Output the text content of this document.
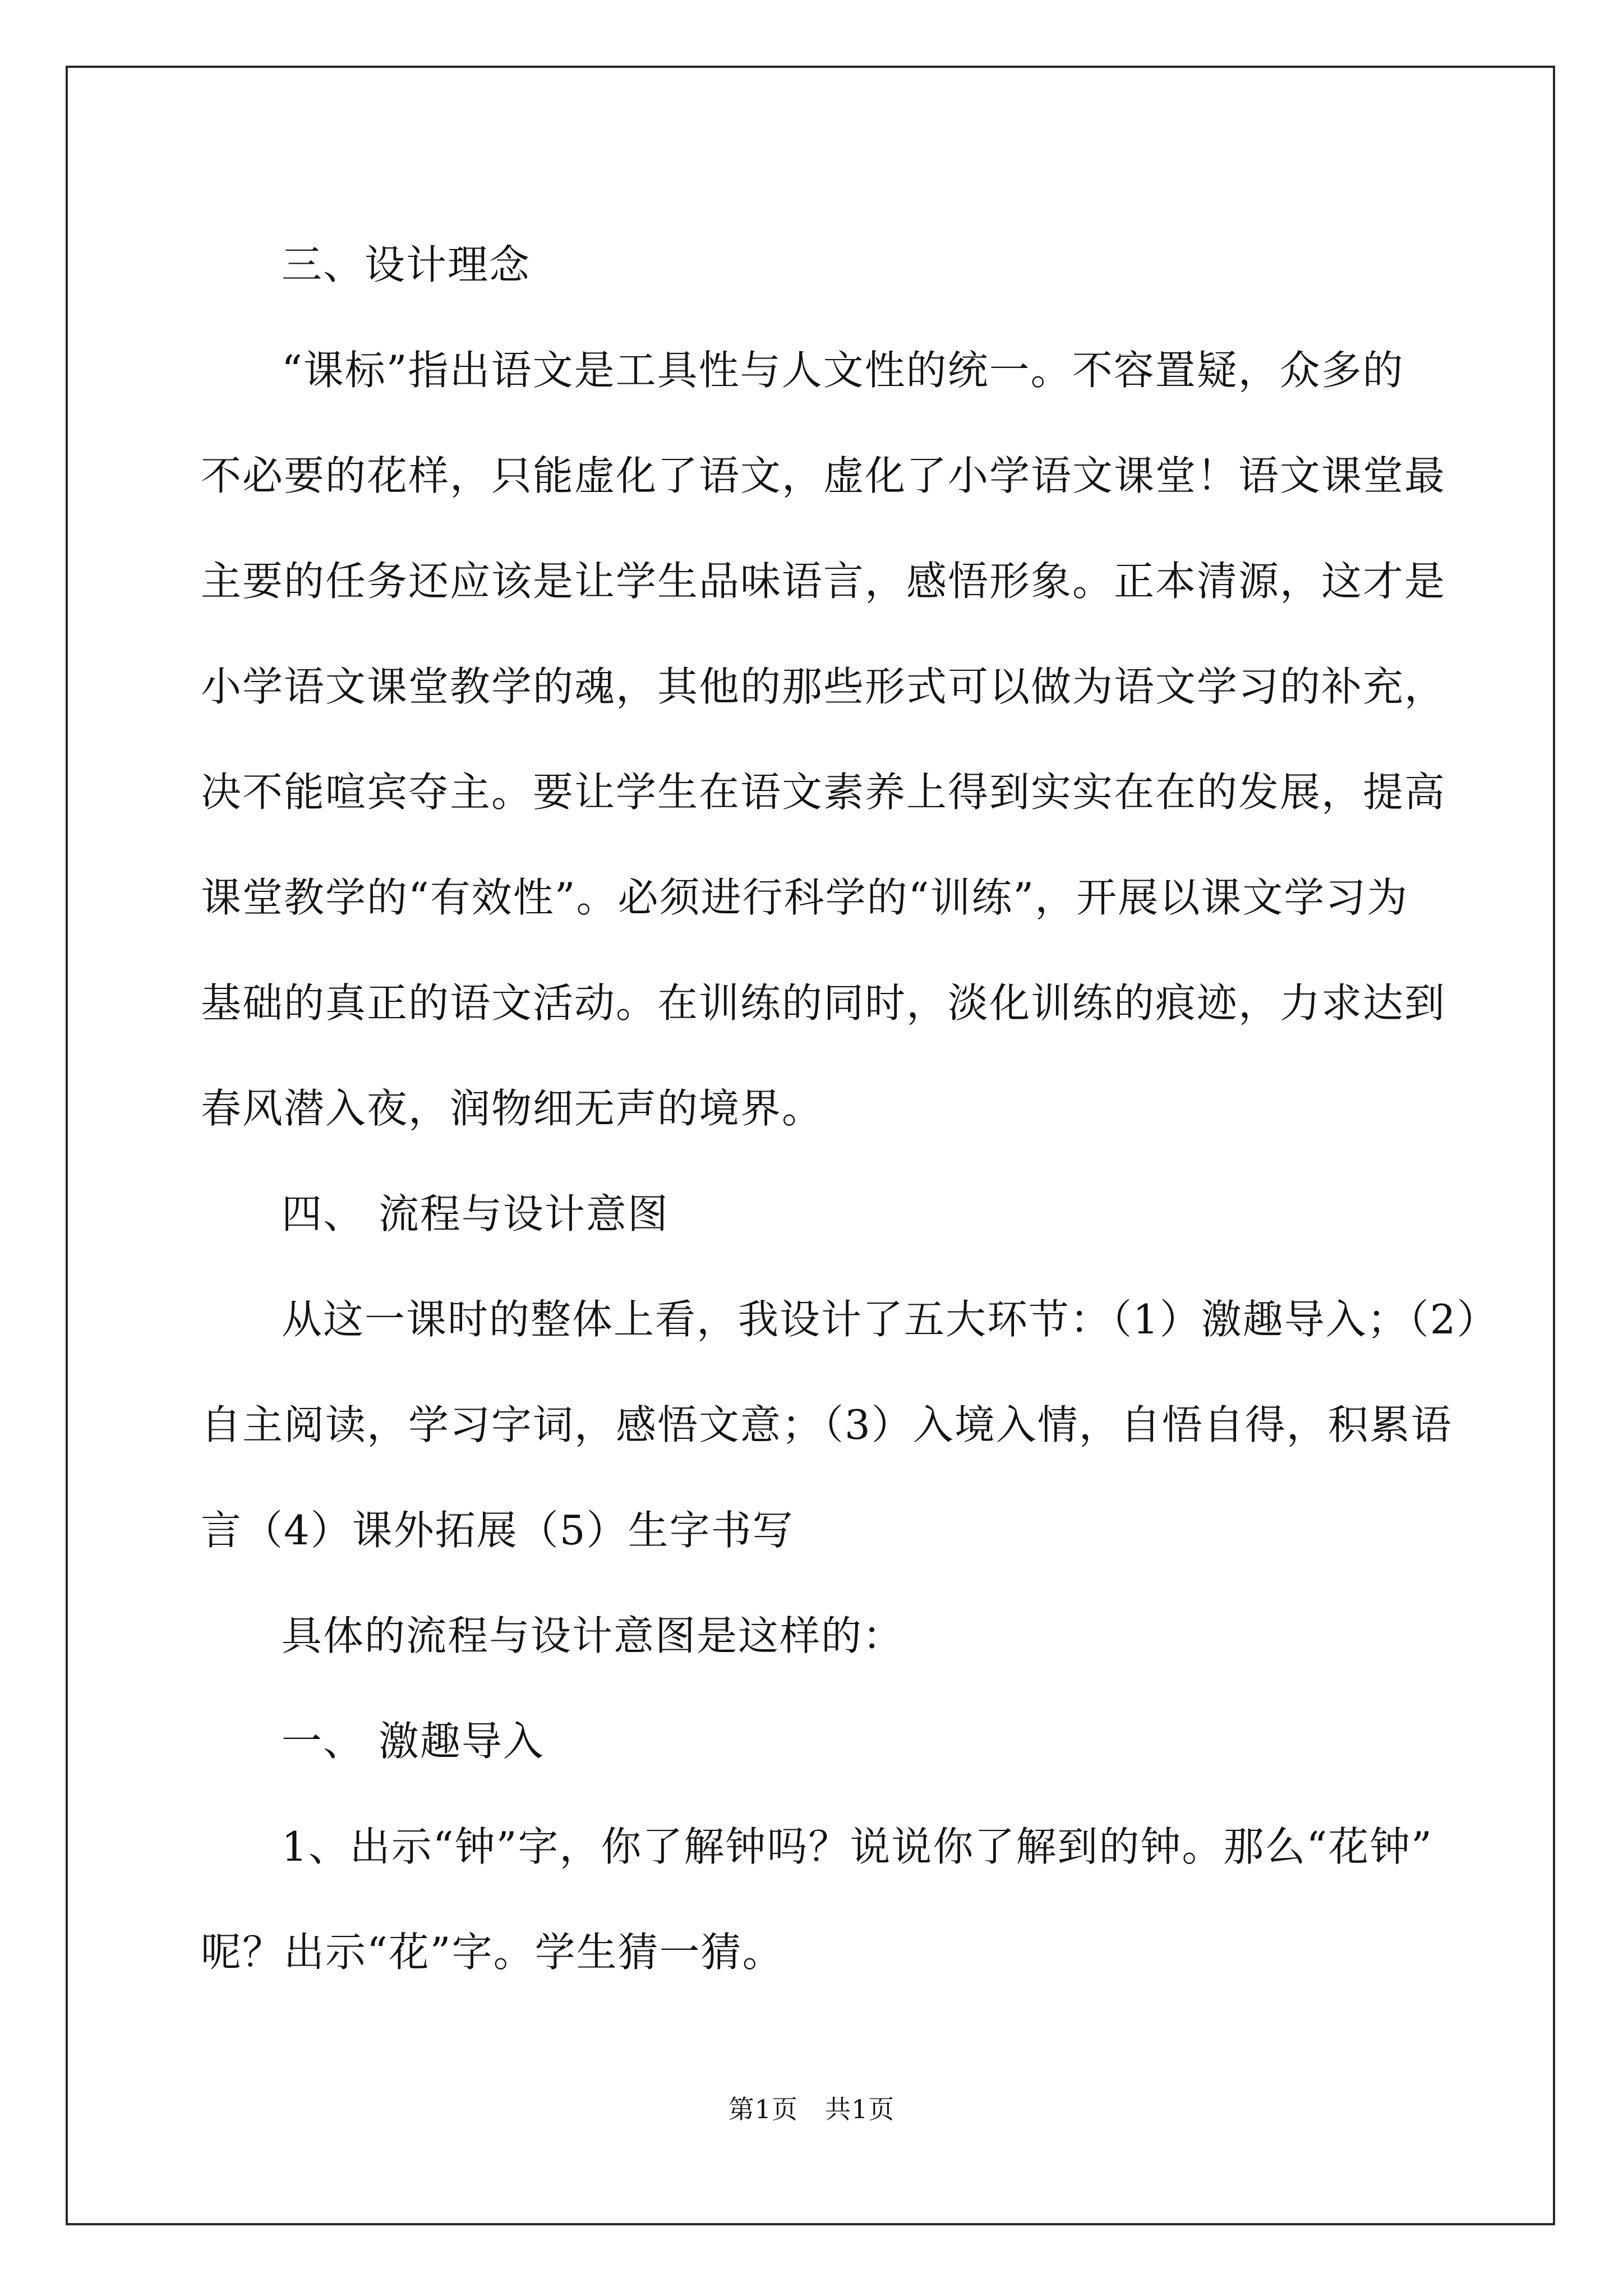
三、设计理念

“课标”指出语文是工具性与人文性的统一。不容置疑，众多的

不必要的花样，只能虚化了语文，虚化了小学语文课堂！语文课堂最

主要的任务还应该是让学生品味语言，感悟形象。正本清源，这才是

小学语文课堂教学的魂，其他的那些形式可以做为语文学习的补充，

决不能喧宾夺主。要让学生在语文素养上得到实实在在的发展，提高

课堂教学的“有效性”。必须进行科学的“训练”，开展以课文学习为

基础的真正的语文活动。在训练的同时，淡化训练的痕迹，力求达到

春风潜入夜，润物细无声的境界。

四、 流程与设计意图

从这一课时的整体上看，我设计了五大环节：（1）激趣导入；（2）

自主阅读，学习字词，感悟文意；（3）入境入情，自悟自得，积累语

言（4）课外拓展（5）生字书写

具体的流程与设计意图是这样的：

一、 激趣导入

1、出示“钟”字，你了解钟吗？说说你了解到的钟。那么“花钟”

呢？出示“花”字。学生猜一猜。

第1页 共1页
